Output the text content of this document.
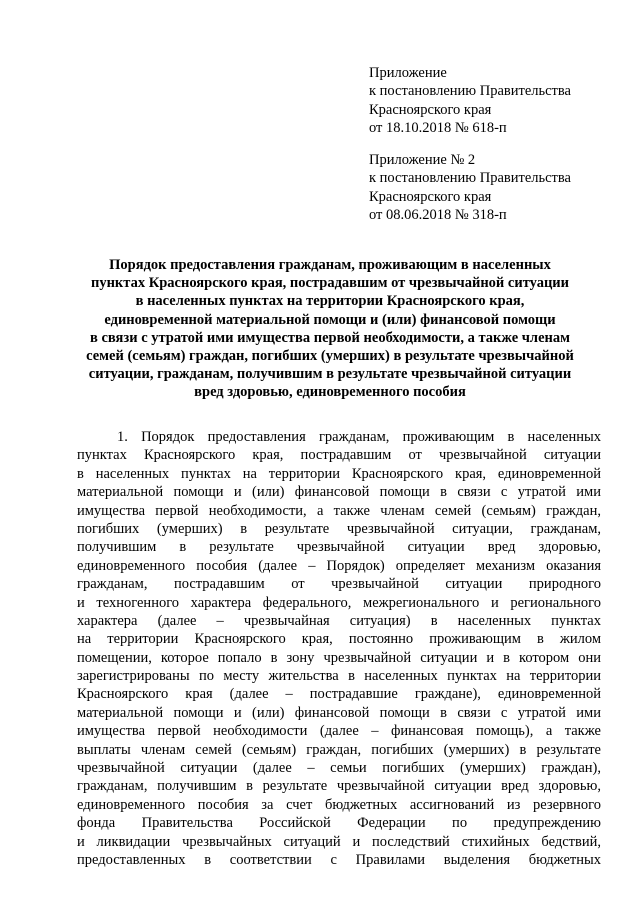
Приложение
к постановлению Правительства
Красноярского края
от 18.10.2018 № 618-п
Приложение № 2
к постановлению Правительства
Красноярского края
от 08.06.2018 № 318-п
Порядок предоставления гражданам, проживающим в населенных
пунктах Красноярского края, пострадавшим от чрезвычайной ситуации
в населенных пунктах на территории Красноярского края,
единовременной материальной помощи и (или) финансовой помощи
в связи с утратой ими имущества первой необходимости, а также членам
семей (семьям) граждан, погибших (умерших) в результате чрезвычайной
ситуации, гражданам, получившим в результате чрезвычайной ситуации
вред здоровью, единовременного пособия
1. Порядок предоставления гражданам, проживающим в населенных
пунктах Красноярского края, пострадавшим от чрезвычайной ситуации
в населенных пунктах на территории Красноярского края, единовременной
материальной помощи и (или) финансовой помощи в связи с утратой ими
имущества первой необходимости, а также членам семей (семьям) граждан,
погибших (умерших) в результате чрезвычайной ситуации, гражданам,
получившим в результате чрезвычайной ситуации вред здоровью,
единовременного пособия (далее – Порядок) определяет механизм оказания
гражданам, пострадавшим от чрезвычайной ситуации природного
и техногенного характера федерального, межрегионального и регионального
характера (далее – чрезвычайная ситуация) в населенных пунктах
на территории Красноярского края, постоянно проживающим в жилом
помещении, которое попало в зону чрезвычайной ситуации и в котором они
зарегистрированы по месту жительства в населенных пунктах на территории
Красноярского края (далее – пострадавшие граждане), единовременной
материальной помощи и (или) финансовой помощи в связи с утратой ими
имущества первой необходимости (далее – финансовая помощь), а также
выплаты членам семей (семьям) граждан, погибших (умерших) в результате
чрезвычайной ситуации (далее – семьи погибших (умерших) граждан),
гражданам, получившим в результате чрезвычайной ситуации вред здоровью,
единовременного пособия за счет бюджетных ассигнований из резервного
фонда Правительства Российской Федерации по предупреждению
и ликвидации чрезвычайных ситуаций и последствий стихийных бедствий,
предоставленных в соответствии с Правилами выделения бюджетных
